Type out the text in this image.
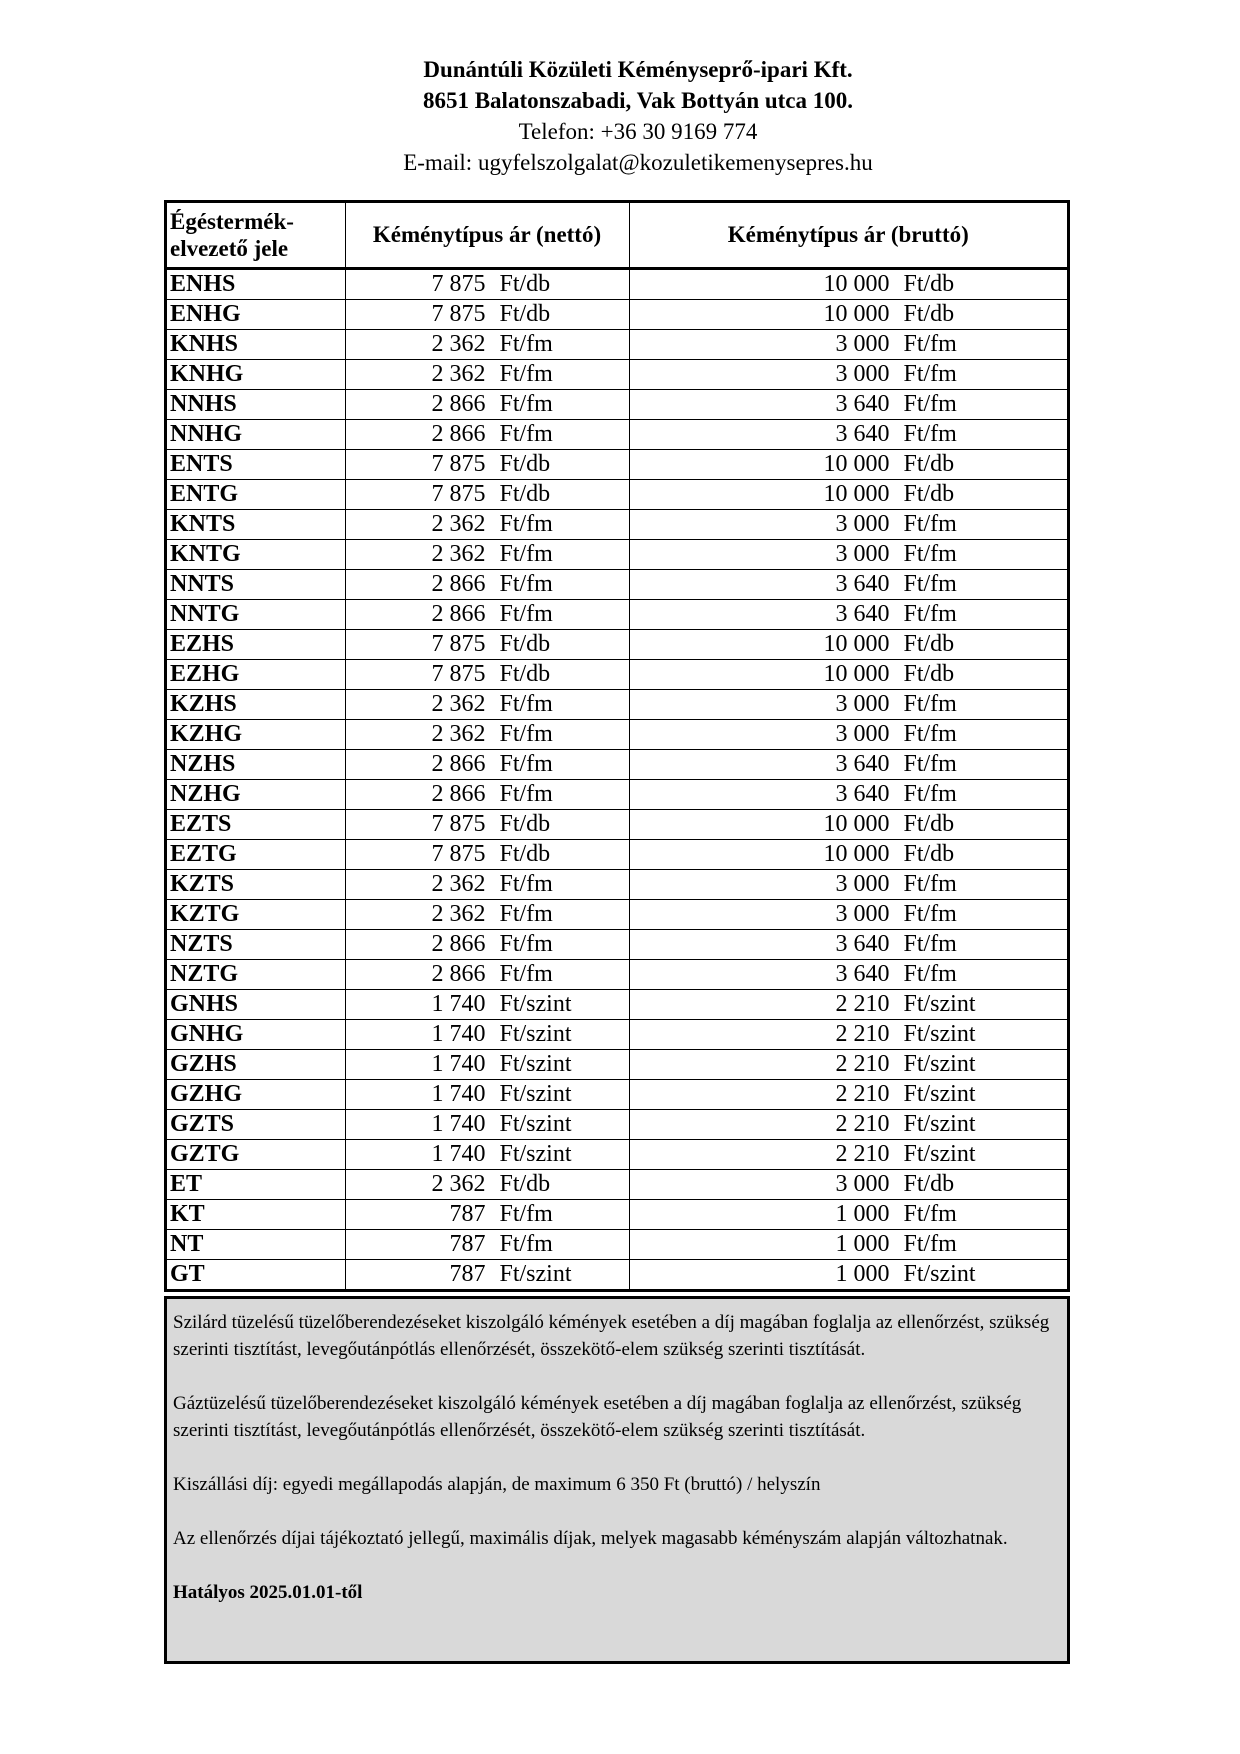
Dunántúli Közületi Kéményseprő-ipari Kft.
8651 Balatonszabadi, Vak Bottyán utca 100.
Telefon: +36 30 9169 774
E-mail: ugyfelszolgalat@kozuletikemenysepres.hu
Égéstermék-elvezető jele	Kéménytípus ár (nettó)	Kéménytípus ár (bruttó)
ENHS	7 875 Ft/db	10 000 Ft/db
ENHG	7 875 Ft/db	10 000 Ft/db
KNHS	2 362 Ft/fm	3 000 Ft/fm
KNHG	2 362 Ft/fm	3 000 Ft/fm
NNHS	2 866 Ft/fm	3 640 Ft/fm
NNHG	2 866 Ft/fm	3 640 Ft/fm
ENTS	7 875 Ft/db	10 000 Ft/db
ENTG	7 875 Ft/db	10 000 Ft/db
KNTS	2 362 Ft/fm	3 000 Ft/fm
KNTG	2 362 Ft/fm	3 000 Ft/fm
NNTS	2 866 Ft/fm	3 640 Ft/fm
NNTG	2 866 Ft/fm	3 640 Ft/fm
EZHS	7 875 Ft/db	10 000 Ft/db
EZHG	7 875 Ft/db	10 000 Ft/db
KZHS	2 362 Ft/fm	3 000 Ft/fm
KZHG	2 362 Ft/fm	3 000 Ft/fm
NZHS	2 866 Ft/fm	3 640 Ft/fm
NZHG	2 866 Ft/fm	3 640 Ft/fm
EZTS	7 875 Ft/db	10 000 Ft/db
EZTG	7 875 Ft/db	10 000 Ft/db
KZTS	2 362 Ft/fm	3 000 Ft/fm
KZTG	2 362 Ft/fm	3 000 Ft/fm
NZTS	2 866 Ft/fm	3 640 Ft/fm
NZTG	2 866 Ft/fm	3 640 Ft/fm
GNHS	1 740 Ft/szint	2 210 Ft/szint
GNHG	1 740 Ft/szint	2 210 Ft/szint
GZHS	1 740 Ft/szint	2 210 Ft/szint
GZHG	1 740 Ft/szint	2 210 Ft/szint
GZTS	1 740 Ft/szint	2 210 Ft/szint
GZTG	1 740 Ft/szint	2 210 Ft/szint
ET	2 362 Ft/db	3 000 Ft/db
KT	787 Ft/fm	1 000 Ft/fm
NT	787 Ft/fm	1 000 Ft/fm
GT	787 Ft/szint	1 000 Ft/szint

Szilárd tüzelésű tüzelőberendezéseket kiszolgáló kémények esetében a díj magában foglalja az ellenőrzést, szükség szerinti tisztítást, levegőutánpótlás ellenőrzését, összekötő-elem szükség szerinti tisztítását.

Gáztüzelésű tüzelőberendezéseket kiszolgáló kémények esetében a díj magában foglalja az ellenőrzést, szükség szerinti tisztítást, levegőutánpótlás ellenőrzését, összekötő-elem szükség szerinti tisztítását.

Kiszállási díj: egyedi megállapodás alapján, de maximum 6 350 Ft (bruttó) / helyszín

Az ellenőrzés díjai tájékoztató jellegű, maximális díjak, melyek magasabb kéményszám alapján változhatnak.

Hatályos 2025.01.01-től
